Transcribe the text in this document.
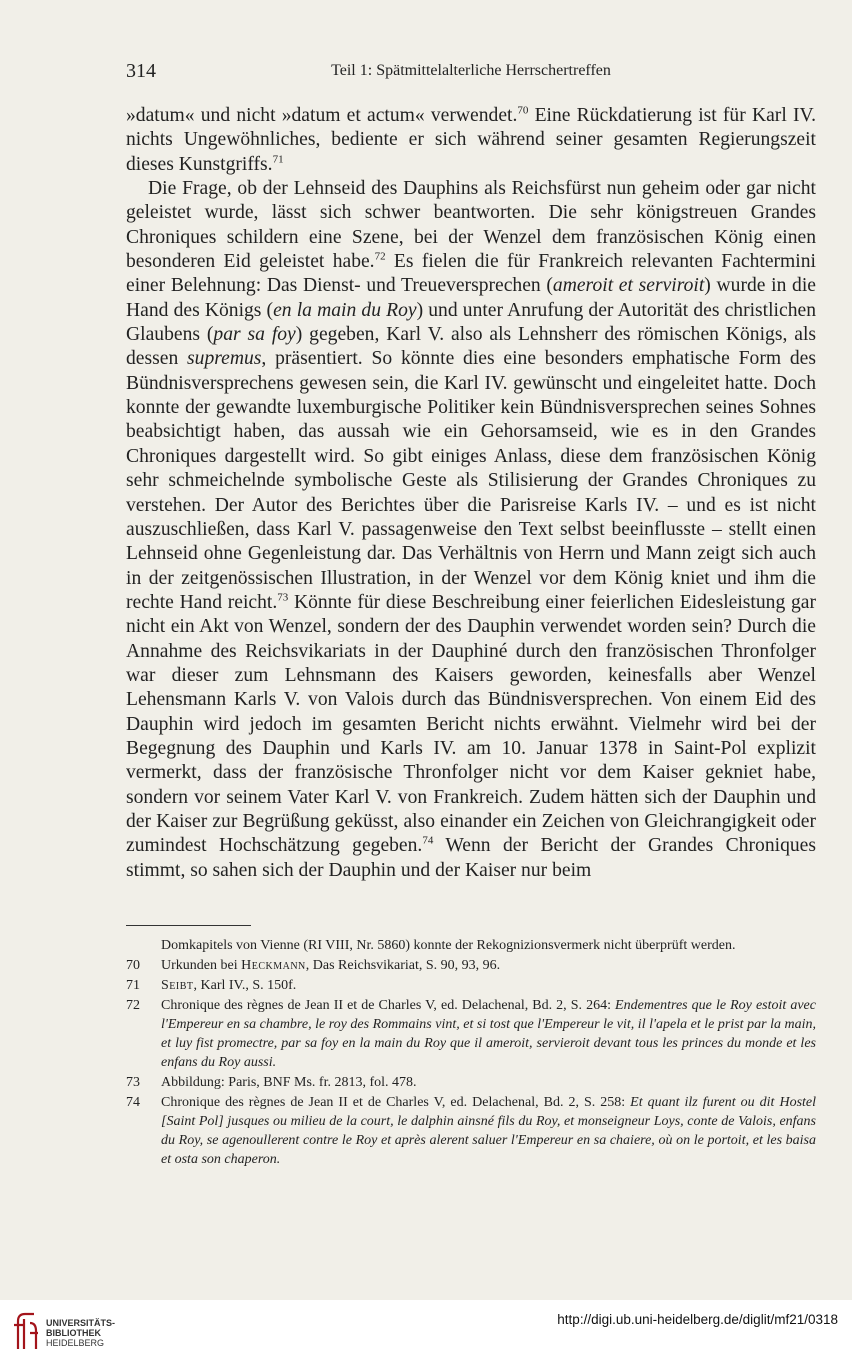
314	Teil 1: Spätmittelalterliche Herrschertreffen

»datum« und nicht »datum et actum« verwendet.$^{70}$ Eine Rückdatierung ist für Karl IV. nichts Ungewöhnliches, bediente er sich während seiner gesamten Regierungszeit dieses Kunstgriffs.$^{71}$

Die Frage, ob der Lehnseid des Dauphins als Reichsfürst nun geheim oder gar nicht geleistet wurde, lässt sich schwer beantworten. Die sehr königstreuen Grandes Chroniques schildern eine Szene, bei der Wenzel dem französischen König einen besonderen Eid geleistet habe.$^{72}$ Es fielen die für Frankreich relevanten Fachtermini einer Belehnung: Das Dienst- und Treueversprechen (ameroit et serviroit) wurde in die Hand des Königs (en la main du Roy) und unter Anrufung der Autorität des christlichen Glaubens (par sa foy) gegeben, Karl V. also als Lehnsherr des römischen Königs, als dessen supremus, präsentiert. So könnte dies eine besonders emphatische Form des Bündnisversprechens gewesen sein, die Karl IV. gewünscht und eingeleitet hatte. Doch konnte der gewandte luxemburgische Politiker kein Bündnisversprechen seines Sohnes beabsichtigt haben, das aussah wie ein Gehorsamseid, wie es in den Grandes Chroniques dargestellt wird. So gibt einiges Anlass, diese dem französischen König sehr schmeichelnde symbolische Geste als Stilisierung der Grandes Chroniques zu verstehen. Der Autor des Berichtes über die Parisreise Karls IV. – und es ist nicht auszuschließen, dass Karl V. passagenweise den Text selbst beeinflusste – stellt einen Lehnseid ohne Gegenleistung dar. Das Verhältnis von Herrn und Mann zeigt sich auch in der zeitgenössischen Illustration, in der Wenzel vor dem König kniet und ihm die rechte Hand reicht.$^{73}$ Könnte für diese Beschreibung einer feierlichen Eidesleistung gar nicht ein Akt von Wenzel, sondern der des Dauphin verwendet worden sein? Durch die Annahme des Reichsvikariats in der Dauphiné durch den französischen Thronfolger war dieser zum Lehnsmann des Kaisers geworden, keinesfalls aber Wenzel Lehensmann Karls V. von Valois durch das Bündnisversprechen. Von einem Eid des Dauphin wird jedoch im gesamten Bericht nichts erwähnt. Vielmehr wird bei der Begegnung des Dauphin und Karls IV. am 10. Januar 1378 in Saint-Pol explizit vermerkt, dass der französische Thronfolger nicht vor dem Kaiser gekniet habe, sondern vor seinem Vater Karl V. von Frankreich. Zudem hätten sich der Dauphin und der Kaiser zur Begrüßung geküsst, also einander ein Zeichen von Gleichrangigkeit oder zumindest Hochschätzung gegeben.$^{74}$ Wenn der Bericht der Grandes Chroniques stimmt, so sahen sich der Dauphin und der Kaiser nur beim

Domkapitels von Vienne (RI VIII, Nr. 5860) konnte der Rekognizionsvermerk nicht überprüft werden.
70 Urkunden bei Heckmann, Das Reichsvikariat, S. 90, 93, 96.
71 Seibt, Karl IV., S. 150f.
72 Chronique des règnes de Jean II et de Charles V, ed. Delachenal, Bd. 2, S. 264: Endementres que le Roy estoit avec l'Empereur en sa chambre, le roy des Rommains vint, et si tost que l'Empereur le vit, il l'apela et le prist par la main, et luy fist promectre, par sa foy en la main du Roy que il ameroit, servieroit devant tous les princes du monde et les enfans du Roy aussi.
73 Abbildung: Paris, BNF Ms. fr. 2813, fol. 478.
74 Chronique des règnes de Jean II et de Charles V, ed. Delachenal, Bd. 2, S. 258: Et quant ilz furent ou dit Hostel [Saint Pol] jusques ou milieu de la court, le dalphin ainsné fils du Roy, et monseigneur Loys, conte de Valois, enfans du Roy, se agenoullerent contre le Roy et après alerent saluer l'Empereur en sa chaiere, où on le portoit, et les baisa et osta son chaperon.
UNIVERSITÄTS-
BIBLIOTHEK
HEIDELBERG
http://digi.ub.uni-heidelberg.de/diglit/mf21/0318
